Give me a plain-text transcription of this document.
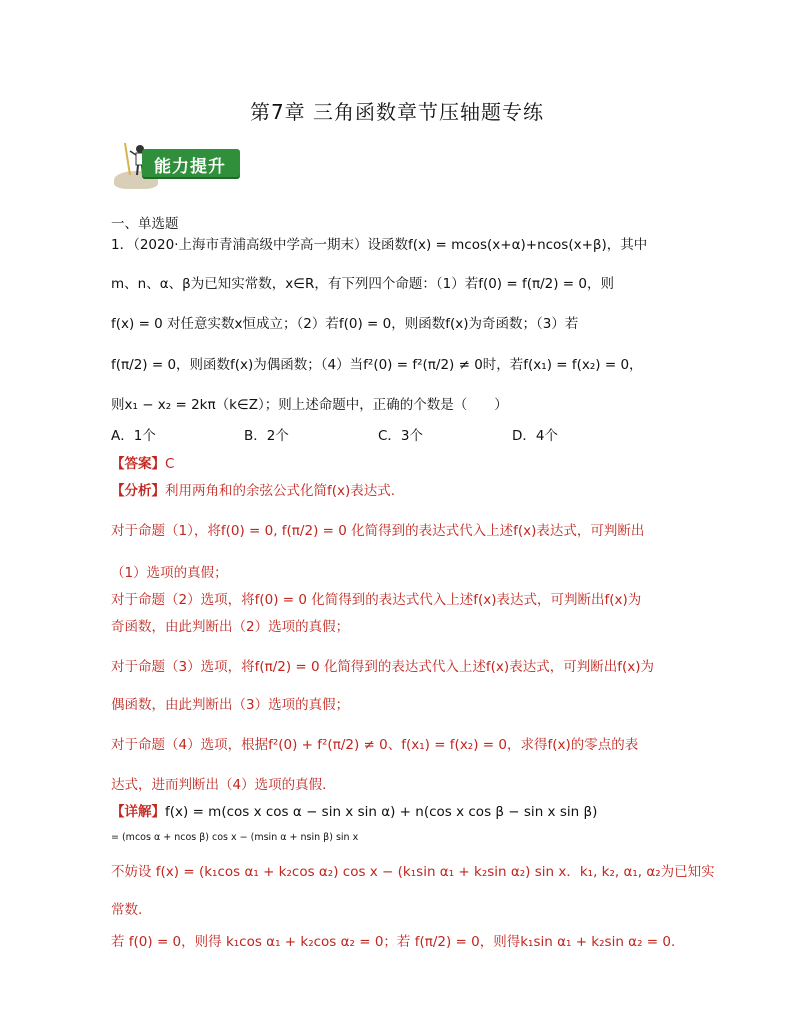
第7章 三角函数章节压轴题专练
能力提升
一、单选题
1．（2020·上海市青浦高级中学高一期末）设函数f(x) = mcos(x+α)+ncos(x+β)，其中
m、n、α、β为已知实常数，x∈R，有下列四个命题：（1）若f(0) = f(π/2) = 0，则
f(x) = 0 对任意实数x恒成立；（2）若f(0) = 0，则函数f(x)为奇函数；（3）若
f(π/2) = 0，则函数f(x)为偶函数；（4）当f²(0) = f²(π/2) ≠ 0时，若f(x₁) = f(x₂) = 0，
则x₁ − x₂ = 2kπ（k∈Z）；则上述命题中，正确的个数是（　　）
A．1个	B．2个	C．3个	D．4个
【答案】C
【分析】利用两角和的余弦公式化简f(x)表达式.
对于命题（1），将f(0) = 0, f(π/2) = 0 化简得到的表达式代入上述f(x)表达式，可判断出
（1）选项的真假；
对于命题（2）选项，将f(0) = 0 化简得到的表达式代入上述f(x)表达式，可判断出f(x)为
奇函数，由此判断出（2）选项的真假；
对于命题（3）选项，将f(π/2) = 0 化简得到的表达式代入上述f(x)表达式，可判断出f(x)为
偶函数，由此判断出（3）选项的真假；
对于命题（4）选项，根据f²(0) + f²(π/2) ≠ 0、f(x₁) = f(x₂) = 0，求得f(x)的零点的表
达式，进而判断出（4）选项的真假.
【详解】f(x) = m(cos x cos α − sin x sin α) + n(cos x cos β − sin x sin β)
= (mcos α + ncos β) cos x − (msin α + nsin β) sin x
不妨设 f(x) = (k₁cos α₁ + k₂cos α₂) cos x − (k₁sin α₁ + k₂sin α₂) sin x．k₁, k₂, α₁, α₂为已知实
常数.
若 f(0) = 0，则得 k₁cos α₁ + k₂cos α₂ = 0；若 f(π/2) = 0，则得k₁sin α₁ + k₂sin α₂ = 0．
